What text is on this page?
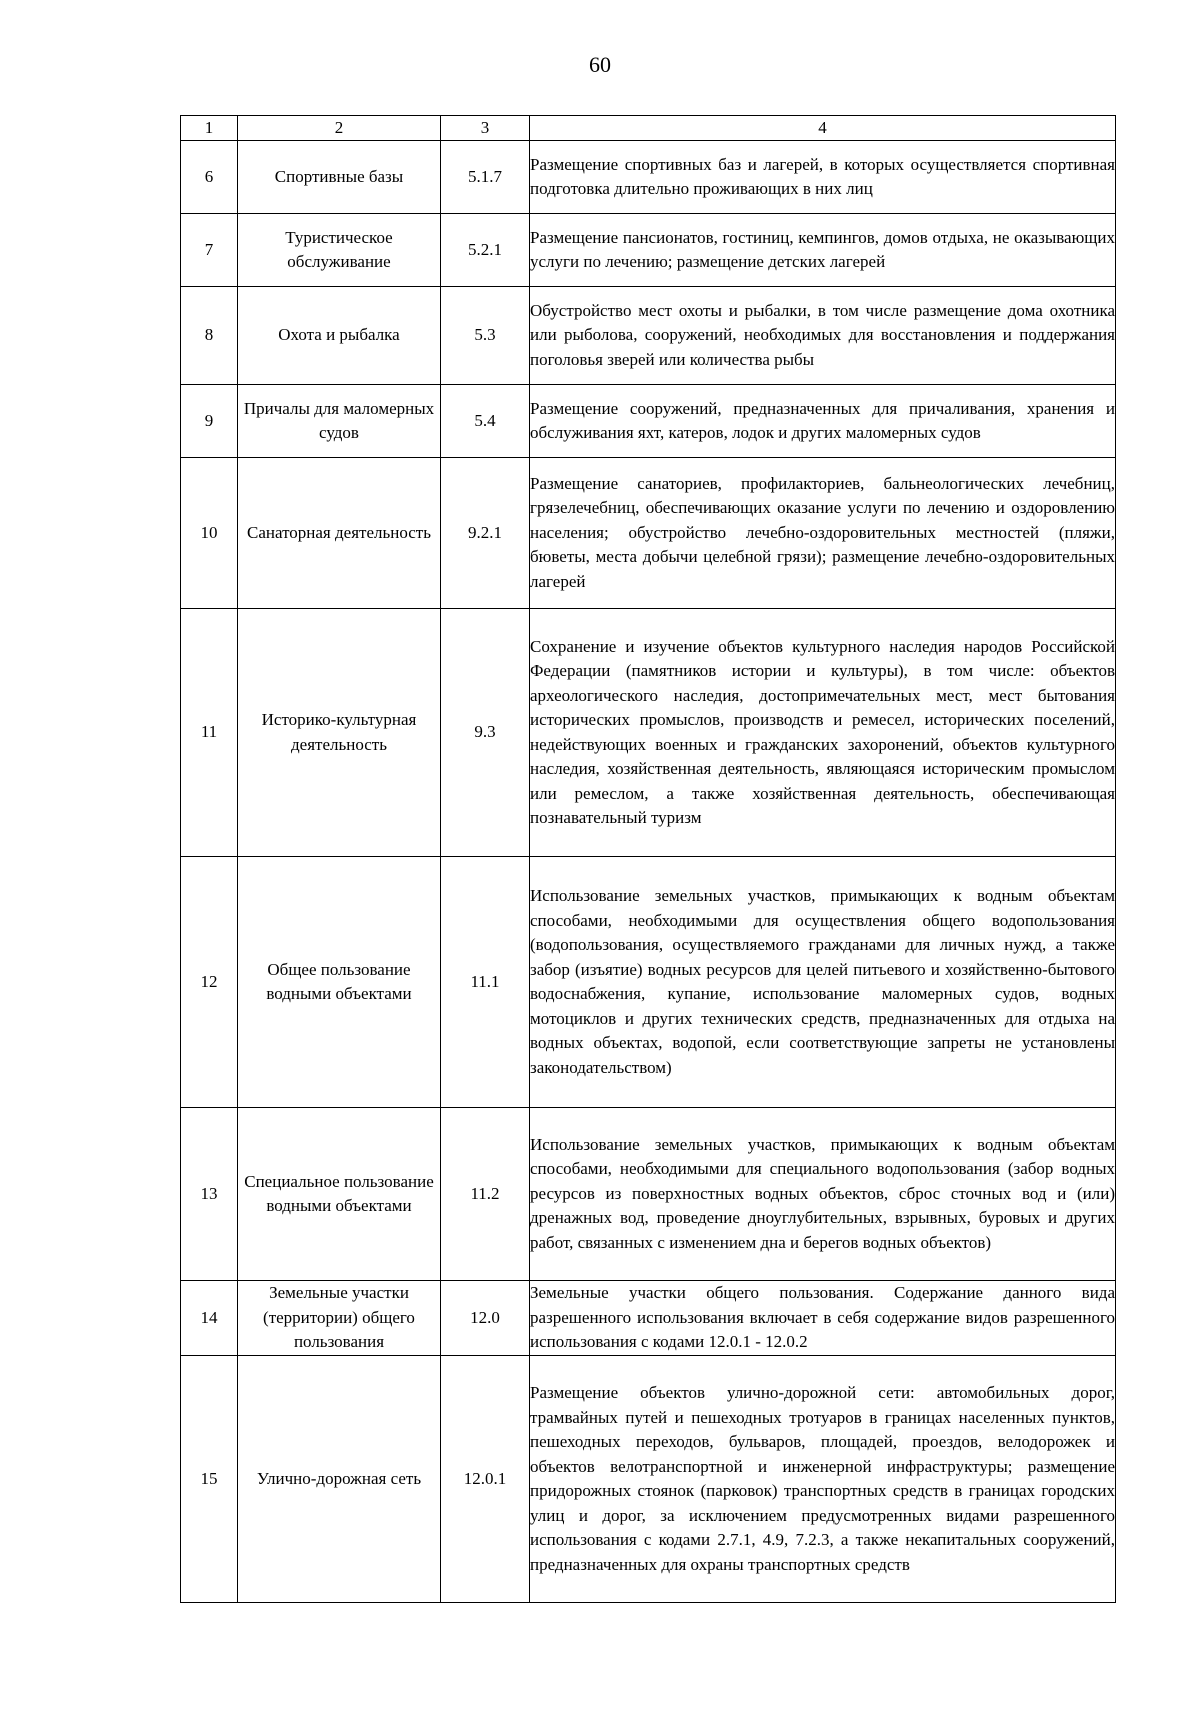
60
1	2	3	4
6	Спортивные базы	5.1.7	Размещение спортивных баз и лагерей, в которых осуществляется спортивная подготовка длительно проживающих в них лиц
7	Туристическое обслуживание	5.2.1	Размещение пансионатов, гостиниц, кемпингов, домов отдыха, не оказывающих услуги по лечению; размещение детских лагерей
8	Охота и рыбалка	5.3	Обустройство мест охоты и рыбалки, в том числе размещение дома охотника или рыболова, сооружений, необходимых для восстановления и поддержания поголовья зверей или количества рыбы
9	Причалы для маломерных судов	5.4	Размещение сооружений, предназначенных для причаливания, хранения и обслуживания яхт, катеров, лодок и других маломерных судов
10	Санаторная деятельность	9.2.1	Размещение санаториев, профилакториев, бальнеологических лечебниц, грязелечебниц, обеспечивающих оказание услуги по лечению и оздоровлению населения; обустройство лечебно-оздоровительных местностей (пляжи, бюветы, места добычи целебной грязи); размещение лечебно-оздоровительных лагерей
11	Историко-культурная деятельность	9.3	Сохранение и изучение объектов культурного наследия народов Российской Федерации (памятников истории и культуры), в том числе: объектов археологического наследия, достопримечательных мест, мест бытования исторических промыслов, производств и ремесел, исторических поселений, недействующих военных и гражданских захоронений, объектов культурного наследия, хозяйственная деятельность, являющаяся историческим промыслом или ремеслом, а также хозяйственная деятельность, обеспечивающая познавательный туризм
12	Общее пользование водными объектами	11.1	Использование земельных участков, примыкающих к водным объектам способами, необходимыми для осуществления общего водопользования (водопользования, осуществляемого гражданами для личных нужд, а также забор (изъятие) водных ресурсов для целей питьевого и хозяйственно-бытового водоснабжения, купание, использование маломерных судов, водных мотоциклов и других технических средств, предназначенных для отдыха на водных объектах, водопой, если соответствующие запреты не установлены законодательством)
13	Специальное пользование водными объектами	11.2	Использование земельных участков, примыкающих к водным объектам способами, необходимыми для специального водопользования (забор водных ресурсов из поверхностных водных объектов, сброс сточных вод и (или) дренажных вод, проведение дноуглубительных, взрывных, буровых и других работ, связанных с изменением дна и берегов водных объектов)
14	Земельные участки (территории) общего пользования	12.0	Земельные участки общего пользования. Содержание данного вида разрешенного использования включает в себя содержание видов разрешенного использования с кодами 12.0.1 - 12.0.2
15	Улично-дорожная сеть	12.0.1	Размещение объектов улично-дорожной сети: автомобильных дорог, трамвайных путей и пешеходных тротуаров в границах населенных пунктов, пешеходных переходов, бульваров, площадей, проездов, велодорожек и объектов велотранспортной и инженерной инфраструктуры; размещение придорожных стоянок (парковок) транспортных средств в границах городских улиц и дорог, за исключением предусмотренных видами разрешенного использования с кодами 2.7.1, 4.9, 7.2.3, а также некапитальных сооружений, предназначенных для охраны транспортных средств
